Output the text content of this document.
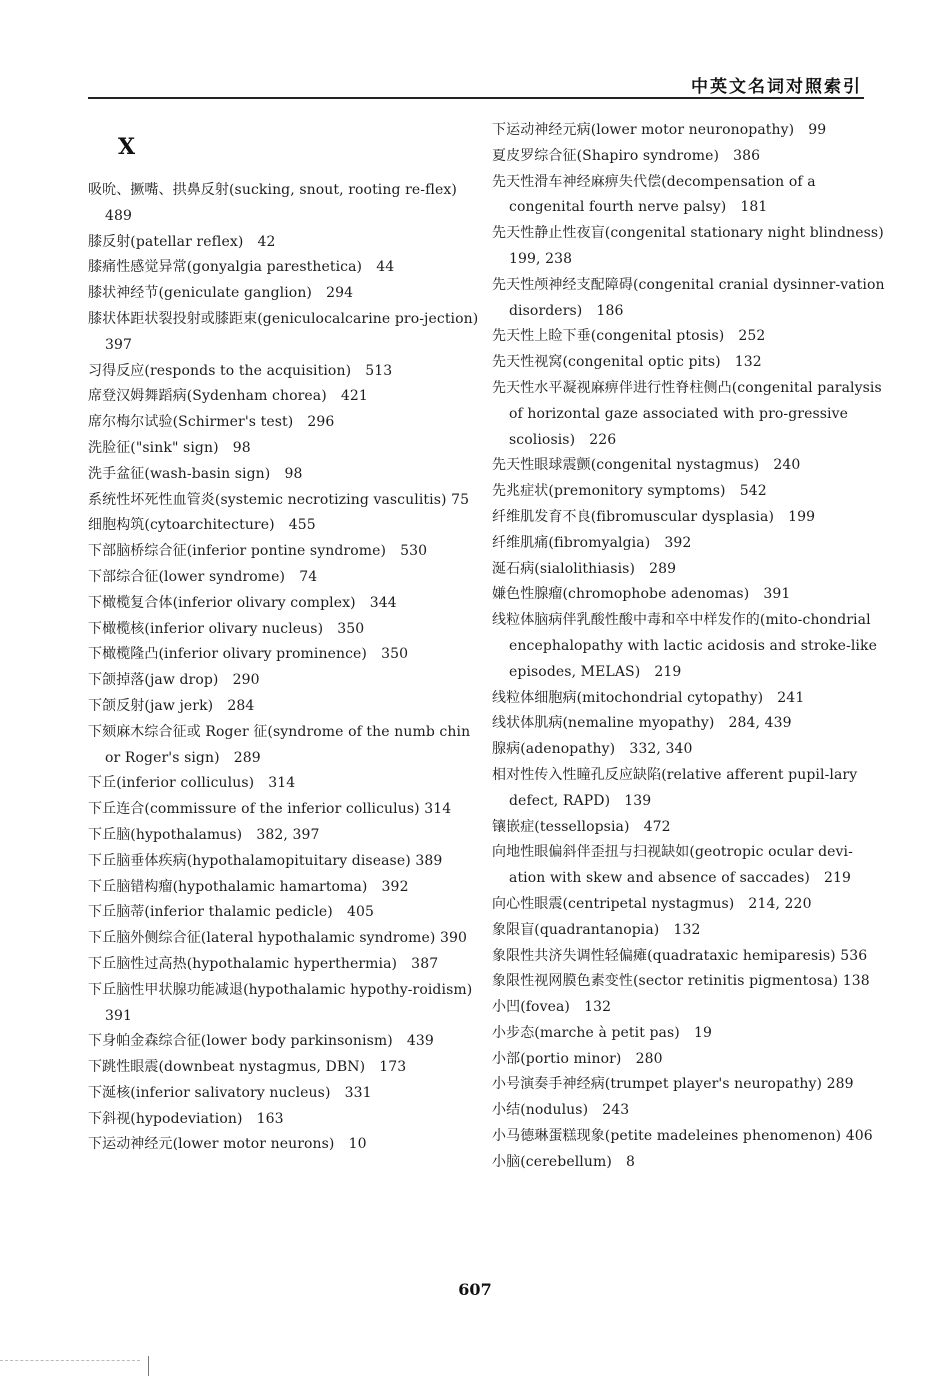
中英文名词对照索引
X
吸吮、撅嘴、拱鼻反射(sucking, snout, rooting re-flex)　489
膝反射(patellar reflex)　42
膝痛性感觉异常(gonyalgia paresthetica)　44
膝状神经节(geniculate ganglion)　294
膝状体距状裂投射或膝距束(geniculocalcarine pro-jection)　397
习得反应(responds to the acquisition)　513
席登汉姆舞蹈病(Sydenham chorea)　421
席尔梅尔试验(Schirmer's test)　296
洗脸征("sink" sign)　98
洗手盆征(wash-basin sign)　98
系统性坏死性血管炎(systemic necrotizing vasculitis) 75
细胞构筑(cytoarchitecture)　455
下部脑桥综合征(inferior pontine syndrome)　530
下部综合征(lower syndrome)　74
下橄榄复合体(inferior olivary complex)　344
下橄榄核(inferior olivary nucleus)　350
下橄榄隆凸(inferior olivary prominence)　350
下颌掉落(jaw drop)　290
下颌反射(jaw jerk)　284
下颏麻木综合征或 Roger 征(syndrome of the numb chin or Roger's sign)　289
下丘(inferior colliculus)　314
下丘连合(commissure of the inferior colliculus) 314
下丘脑(hypothalamus)　382, 397
下丘脑垂体疾病(hypothalamopituitary disease) 389
下丘脑错构瘤(hypothalamic hamartoma)　392
下丘脑蒂(inferior thalamic pedicle)　405
下丘脑外侧综合征(lateral hypothalamic syndrome) 390
下丘脑性过高热(hypothalamic hyperthermia)　387
下丘脑性甲状腺功能减退(hypothalamic hypothy-roidism)　391
下身帕金森综合征(lower body parkinsonism)　439
下跳性眼震(downbeat nystagmus, DBN)　173
下涎核(inferior salivatory nucleus)　331
下斜视(hypodeviation)　163
下运动神经元(lower motor neurons)　10
下运动神经元病(lower motor neuronopathy)　99
夏皮罗综合征(Shapiro syndrome)　386
先天性滑车神经麻痹失代偿(decompensation of a congenital fourth nerve palsy)　181
先天性静止性夜盲(congenital stationary night blindness)　199, 238
先天性颅神经支配障碍(congenital cranial dysinner-vation disorders)　186
先天性上睑下垂(congenital ptosis)　252
先天性视窝(congenital optic pits)　132
先天性水平凝视麻痹伴进行性脊柱侧凸(congenital paralysis of horizontal gaze associated with pro-gressive scoliosis)　226
先天性眼球震颤(congenital nystagmus)　240
先兆症状(premonitory symptoms)　542
纤维肌发育不良(fibromuscular dysplasia)　199
纤维肌痛(fibromyalgia)　392
涎石病(sialolithiasis)　289
嫌色性腺瘤(chromophobe adenomas)　391
线粒体脑病伴乳酸性酸中毒和卒中样发作的(mito-chondrial encephalopathy with lactic acidosis and stroke-like episodes, MELAS)　219
线粒体细胞病(mitochondrial cytopathy)　241
线状体肌病(nemaline myopathy)　284, 439
腺病(adenopathy)　332, 340
相对性传入性瞳孔反应缺陷(relative afferent pupil-lary defect, RAPD)　139
镶嵌症(tessellopsia)　472
向地性眼偏斜伴歪扭与扫视缺如(geotropic ocular devi-ation with skew and absence of saccades)　219
向心性眼震(centripetal nystagmus)　214, 220
象限盲(quadrantanopia)　132
象限性共济失调性轻偏瘫(quadrataxic hemiparesis) 536
象限性视网膜色素变性(sector retinitis pigmentosa) 138
小凹(fovea)　132
小步态(marche à petit pas)　19
小部(portio minor)　280
小号演奏手神经病(trumpet player's neuropathy) 289
小结(nodulus)　243
小马德琳蛋糕现象(petite madeleines phenomenon) 406
小脑(cerebellum)　8
607
